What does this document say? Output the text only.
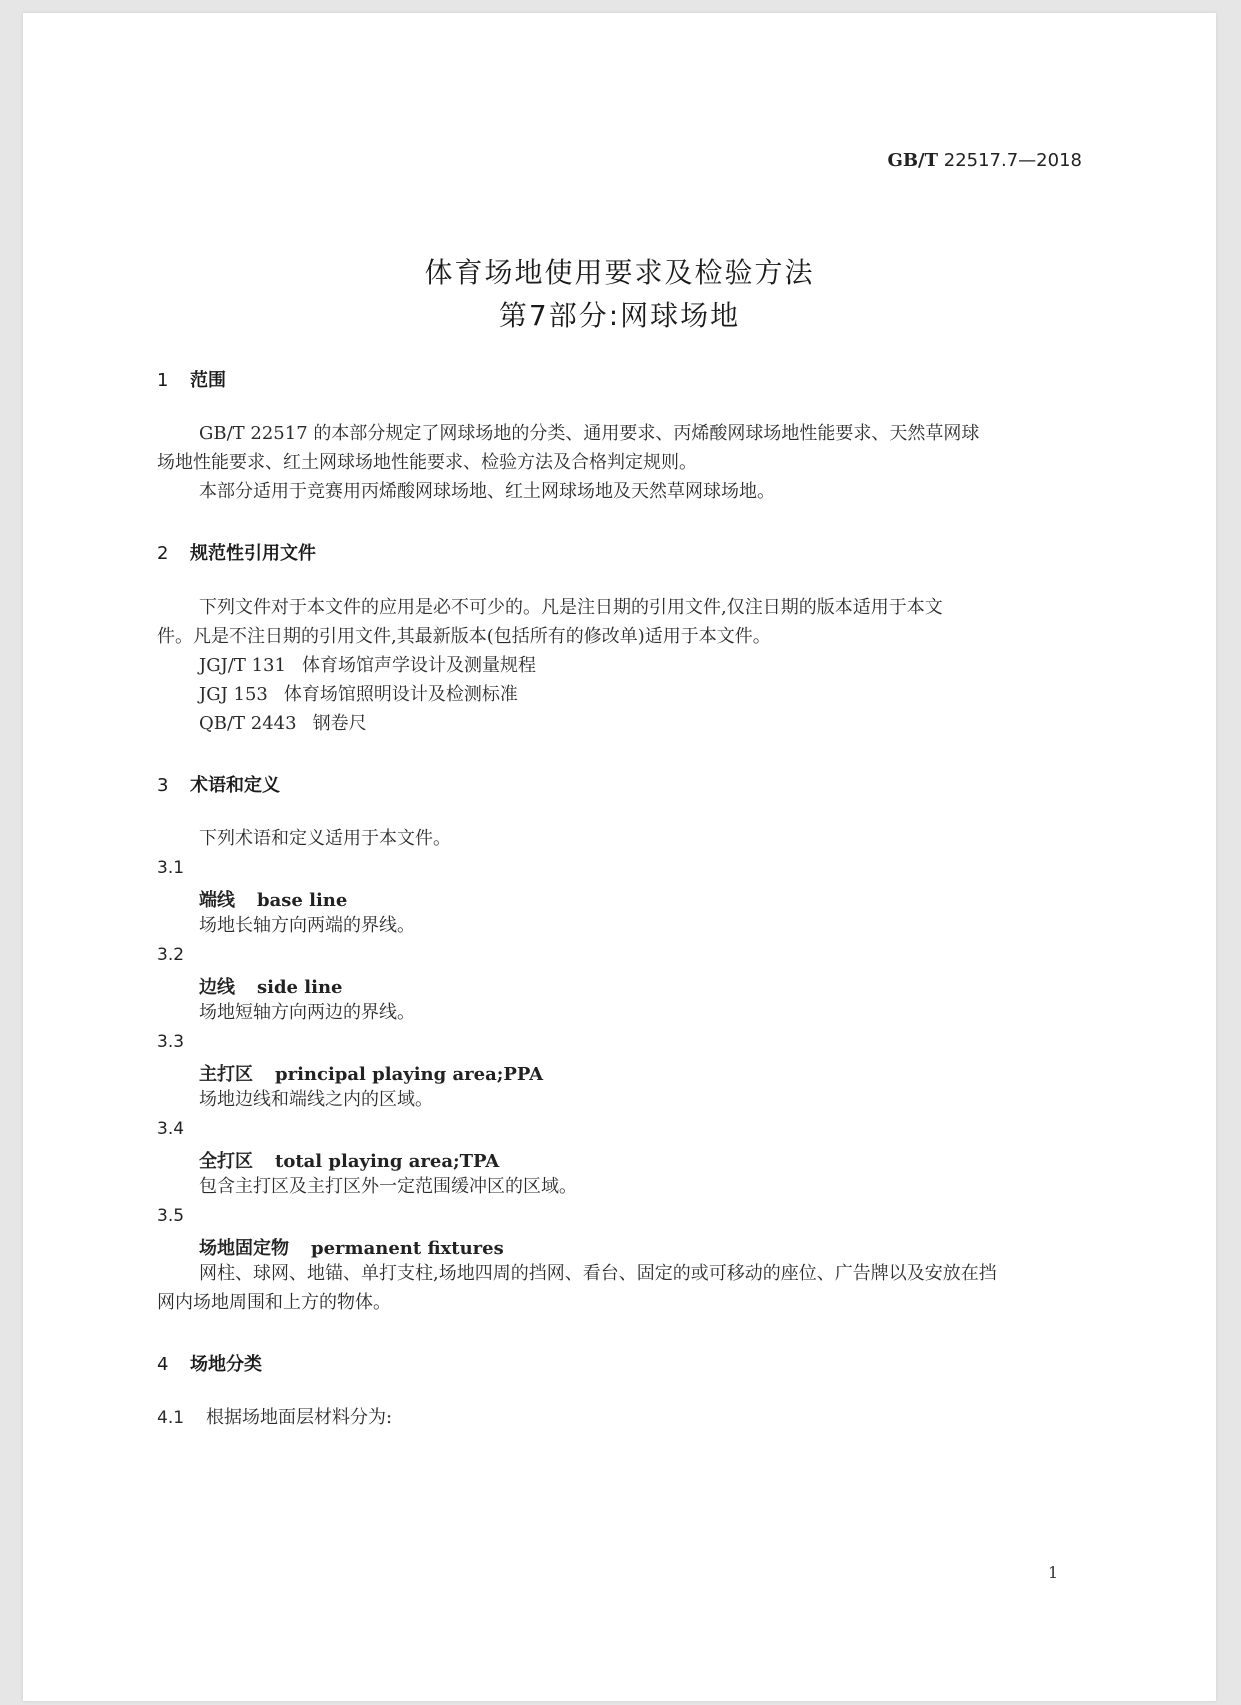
GB/T 22517.7—2018
体育场地使用要求及检验方法
第7部分:网球场地
1 范围
GB/T 22517 的本部分规定了网球场地的分类、通用要求、丙烯酸网球场地性能要求、天然草网球
场地性能要求、红土网球场地性能要求、检验方法及合格判定规则。
本部分适用于竞赛用丙烯酸网球场地、红土网球场地及天然草网球场地。
2 规范性引用文件
下列文件对于本文件的应用是必不可少的。凡是注日期的引用文件,仅注日期的版本适用于本文
件。凡是不注日期的引用文件,其最新版本(包括所有的修改单)适用于本文件。
JGJ/T 131 体育场馆声学设计及测量规程
JGJ 153 体育场馆照明设计及检测标准
QB/T 2443 钢卷尺
3 术语和定义
下列术语和定义适用于本文件。
3.1
端线 base line
场地长轴方向两端的界线。
3.2
边线 side line
场地短轴方向两边的界线。
3.3
主打区 principal playing area;PPA
场地边线和端线之内的区域。
3.4
全打区 total playing area;TPA
包含主打区及主打区外一定范围缓冲区的区域。
3.5
场地固定物 permanent fixtures
网柱、球网、地锚、单打支柱,场地四周的挡网、看台、固定的或可移动的座位、广告牌以及安放在挡
网内场地周围和上方的物体。
4 场地分类
4.1 根据场地面层材料分为:
1
